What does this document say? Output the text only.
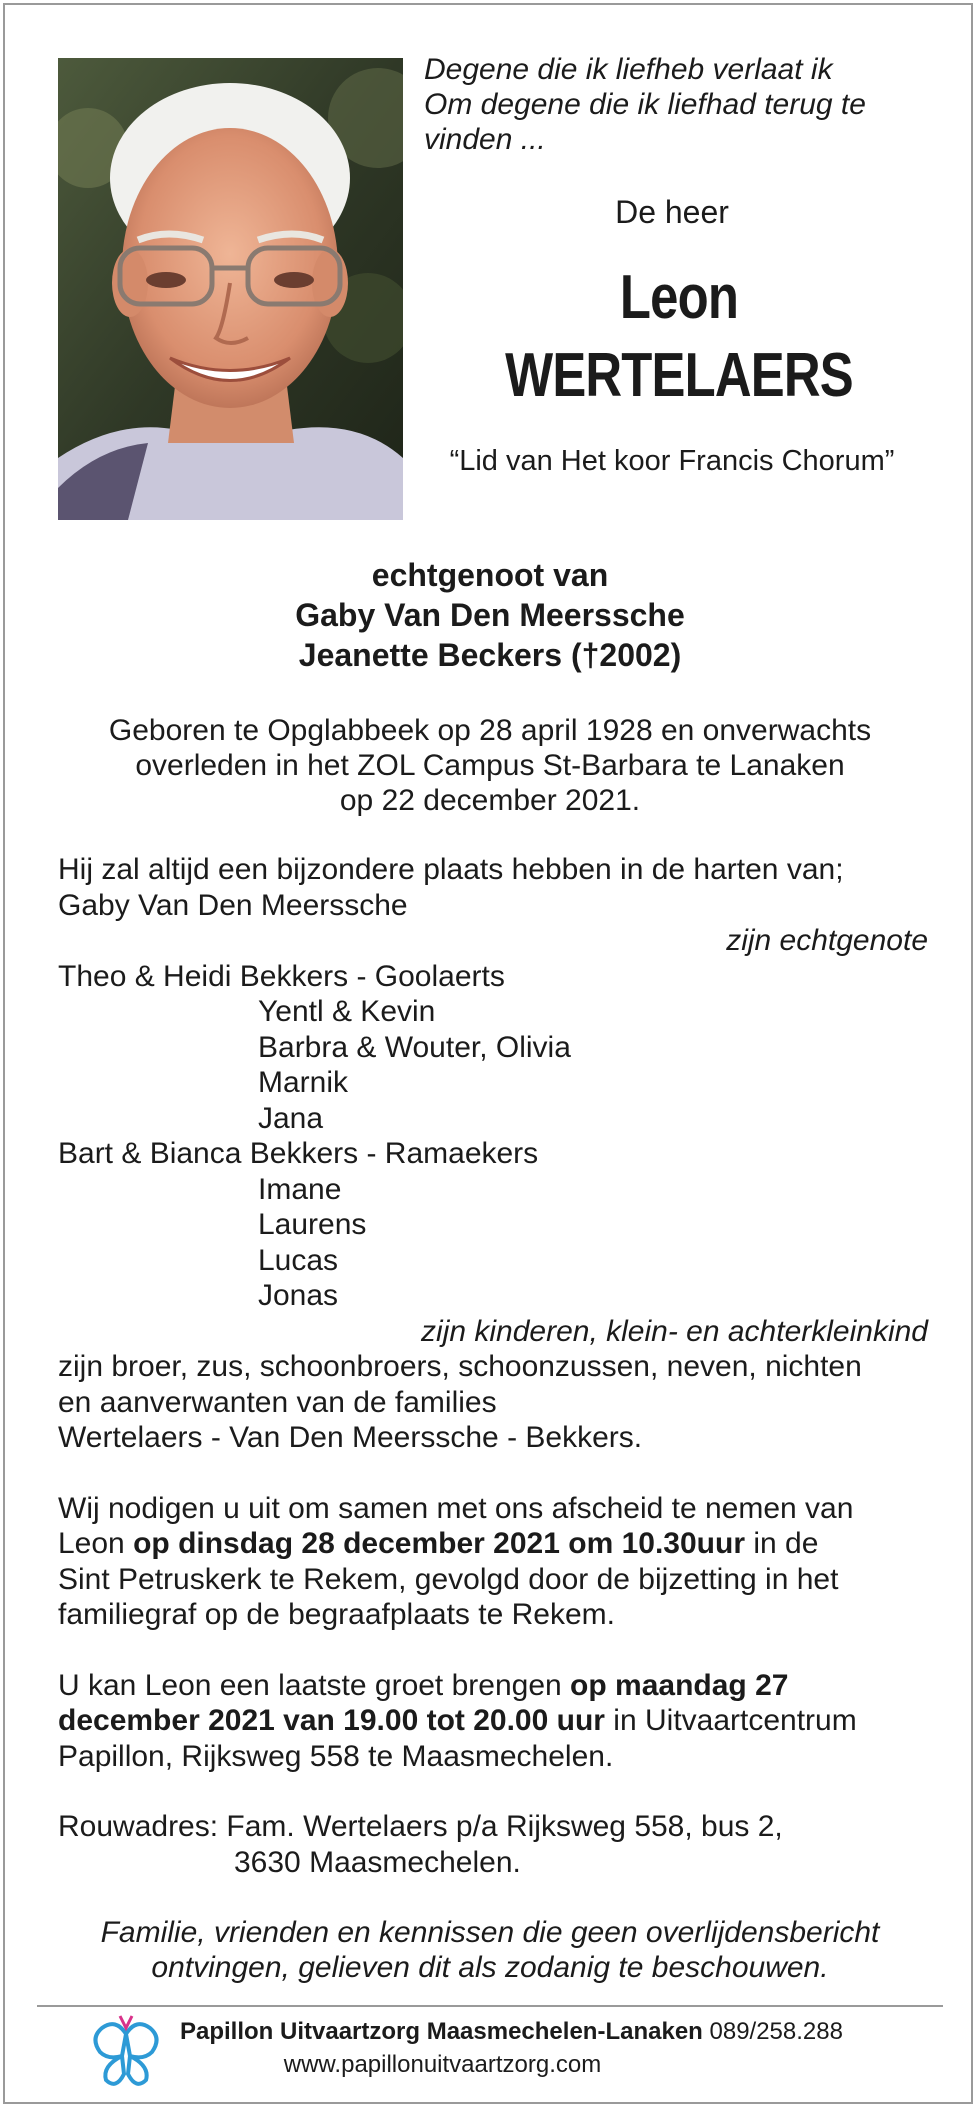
Degene die ik liefheb verlaat ik
Om degene die ik liefhad terug te
vinden ...
De heer
Leon
WERTELAERS
“Lid van Het koor Francis Chorum”
echtgenoot van
Gaby Van Den Meerssche
Jeanette Beckers (†2002)
Geboren te Opglabbeek op 28 april 1928 en onverwachts
overleden in het ZOL Campus St-Barbara te Lanaken
op 22 december 2021.
Hij zal altijd een bijzondere plaats hebben in de harten van;
Gaby Van Den Meerssche
zijn echtgenote
Theo & Heidi Bekkers - Goolaerts
Yentl & Kevin
Barbra & Wouter, Olivia
Marnik
Jana
Bart & Bianca Bekkers - Ramaekers
Imane
Laurens
Lucas
Jonas
zijn kinderen, klein- en achterkleinkind
zijn broer, zus, schoonbroers, schoonzussen, neven, nichten
en aanverwanten van de families
Wertelaers - Van Den Meerssche - Bekkers.
Wij nodigen u uit om samen met ons afscheid te nemen van
Leon op dinsdag 28 december 2021 om 10.30uur in de
Sint Petruskerk te Rekem, gevolgd door de bijzetting in het
familiegraf op de begraafplaats te Rekem.
U kan Leon een laatste groet brengen op maandag 27
december 2021 van 19.00 tot 20.00 uur in Uitvaartcentrum
Papillon, Rijksweg 558 te Maasmechelen.
Rouwadres: Fam. Wertelaers p/a Rijksweg 558, bus 2,
3630 Maasmechelen.
Familie, vrienden en kennissen die geen overlijdensbericht
ontvingen, gelieven dit als zodanig te beschouwen.
Papillon Uitvaartzorg Maasmechelen-Lanaken 089/258.288
www.papillonuitvaartzorg.com
